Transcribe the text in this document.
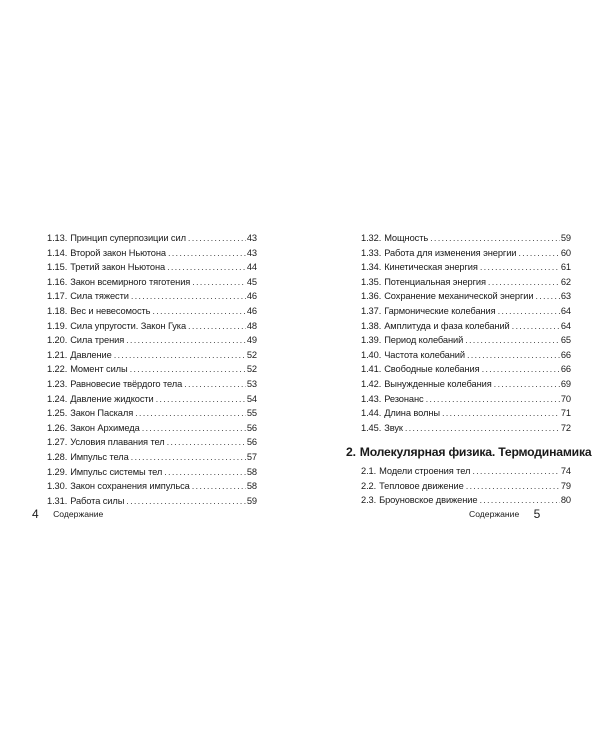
1.13. Принцип суперпозиции сил .....	43
1.14. Второй закон Ньютона .....	43
1.15. Третий закон Ньютона .....	44
1.16. Закон всемирного тяготения .....	45
1.17. Сила тяжести .....	46
1.18. Вес и невесомость .....	46
1.19. Сила упругости. Закон Гука .....	48
1.20. Сила трения .....	49
1.21. Давление .....	52
1.22. Момент силы .....	52
1.23. Равновесие твёрдого тела .....	53
1.24. Давление жидкости .....	54
1.25. Закон Паскаля .....	55
1.26. Закон Архимеда .....	56
1.27. Условия плавания тел .....	56
1.28. Импульс тела .....	57
1.29. Импульс системы тел .....	58
1.30. Закон сохранения импульса .....	58
1.31. Работа силы .....	59
4 Содержание
1.32. Мощность .....	59
1.33. Работа для изменения энергии .....	60
1.34. Кинетическая энергия .....	61
1.35. Потенциальная энергия .....	62
1.36. Сохранение механической энергии .....	63
1.37. Гармонические колебания .....	64
1.38. Амплитуда и фаза колебаний .....	64
1.39. Период колебаний .....	65
1.40. Частота колебаний .....	66
1.41. Свободные колебания .....	66
1.42. Вынужденные колебания .....	69
1.43. Резонанс .....	70
1.44. Длина волны .....	71
1.45. Звук .....	72
2. Молекулярная физика. Термодинамика
2.1. Модели строения тел .....	74
2.2. Тепловое движение .....	79
2.3. Броуновское движение .....	80
Содержание 5
